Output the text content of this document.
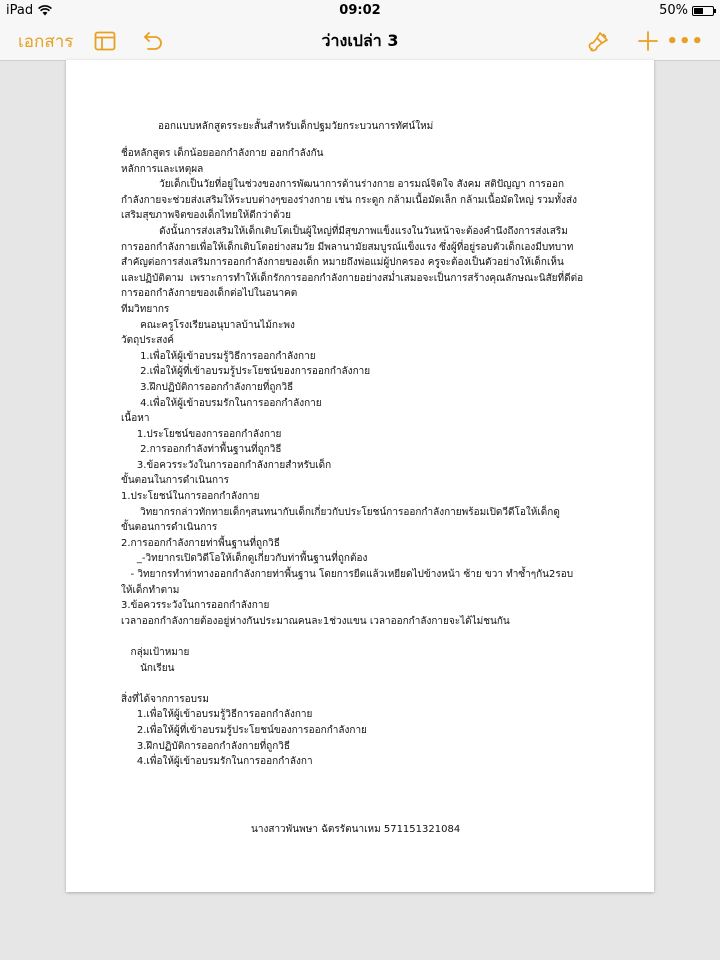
iPad	09:02	50%
ว่างเปล่า 3
เอกสาร	•••
ออกแบบหลักสูตรระยะสั้นสำหรับเด็กปฐมวัยกระบวนการทัศน์ใหม่
ชื่อหลักสูตร เด็กน้อยออกกำลังกาย ออกกำลังกัน
หลักการและเหตุผล
วัยเด็กเป็นวัยที่อยู่ในช่วงของการพัฒนาการด้านร่างกาย อารมณ์จิตใจ สังคม สติปัญญา การออก
กำลังกายจะช่วยส่งเสริมให้ระบบต่างๆของร่างกาย เช่น กระดูก กล้ามเนื้อมัดเล็ก กล้ามเนื้อมัดใหญ่ รวมทั้งส่ง
เสริมสุขภาพจิตของเด็กไทยให้ดีกว่าด้วย
ดังนั้นการส่งเสริมให้เด็กเติบโตเป็นผู้ใหญ่ที่มีสุขภาพแข็งแรงในวันหน้าจะต้องคำนึงถึงการส่งเสริม
การออกกำลังกายเพื่อให้เด็กเติบโตอย่างสมวัย มีพลานามัยสมบูรณ์แข็งแรง ซึ่งผู้ที่อยู่รอบตัวเด็กเองมีบทบาท
สำคัญต่อการส่งเสริมการออกกำลังกายของเด็ก หมายถึงพ่อแม่ผู้ปกครอง ครูจะต้องเป็นตัวอย่างให้เด็กเห็น
และปฏิบัติตาม  เพราะการทำให้เด็กรักการออกกำลังกายอย่างสม่ำเสมอจะเป็นการสร้างคุณลักษณะนิสัยที่ดีต่อ
การออกกำลังกายของเด็กต่อไปในอนาคต
ทีมวิทยากร
คณะครูโรงเรียนอนุบาลบ้านไม้กะพง
วัตถุประสงค์
1.เพื่อให้ผู้เข้าอบรมรู้วิธีการออกกำลังกาย
2.เพื่อให้ผู้ที่เข้าอบรมรู้ประโยชน์ของการออกกำลังกาย
3.ฝึกปฏิบัติการออกกำลังกายที่ถูกวิธี
4.เพื่อให้ผู้เข้าอบรมรักในการออกกำลังกาย
เนื้อหา
1.ประโยชน์ของการออกกำลังกาย
2.การออกกำลังท่าพื้นฐานที่ถูกวิธี
3.ข้อควรระวังในการออกกำลังกายสำหรับเด็ก
ขั้นตอนในการดำเนินการ
1.ประโยชน์ในการออกกำลังกาย
วิทยากรกล่าวทักทายเด็กๆสนทนากับเด็กเกี่ยวกับประโยชน์การออกกำลังกายพร้อมเปิดวีดีโอให้เด็กดู
ขั้นตอนการดำเนินการ
2.การออกกำลังกายท่าพื้นฐานที่ถูกวิธี
_-วิทยากรเปิดวิดีโอให้เด็กดูเกี่ยวกับท่าพื้นฐานที่ถูกต้อง
- วิทยากรทำท่าทางออกกำลังกายท่าพื้นฐาน โดยการยืดแล้วเหยียดไปข้างหน้า ซ้าย ขวา ทำซ้ำๆกัน2รอบ
ให้เด็กทำตาม
3.ข้อควรระวังในการออกกำลังกาย
เวลาออกกำลังกายต้องอยู่ห่างกันประมาณคนละ1ช่วงแขน เวลาออกกำลังกายจะได้ไม่ชนกัน
กลุ่มเป้าหมาย
นักเรียน
สิ่งที่ได้จากการอบรม
1.เพื่อให้ผู้เข้าอบรมรู้วิธีการออกกำลังกาย
2.เพื่อให้ผู้ที่เข้าอบรมรู้ประโยชน์ของการออกกำลังกาย
3.ฝึกปฏิบัติการออกกำลังกายที่ถูกวิธี
4.เพื่อให้ผู้เข้าอบรมรักในการออกกำลังกา
นางสาวพันพษา ฉัตรรัตนาเหม 571151321084
